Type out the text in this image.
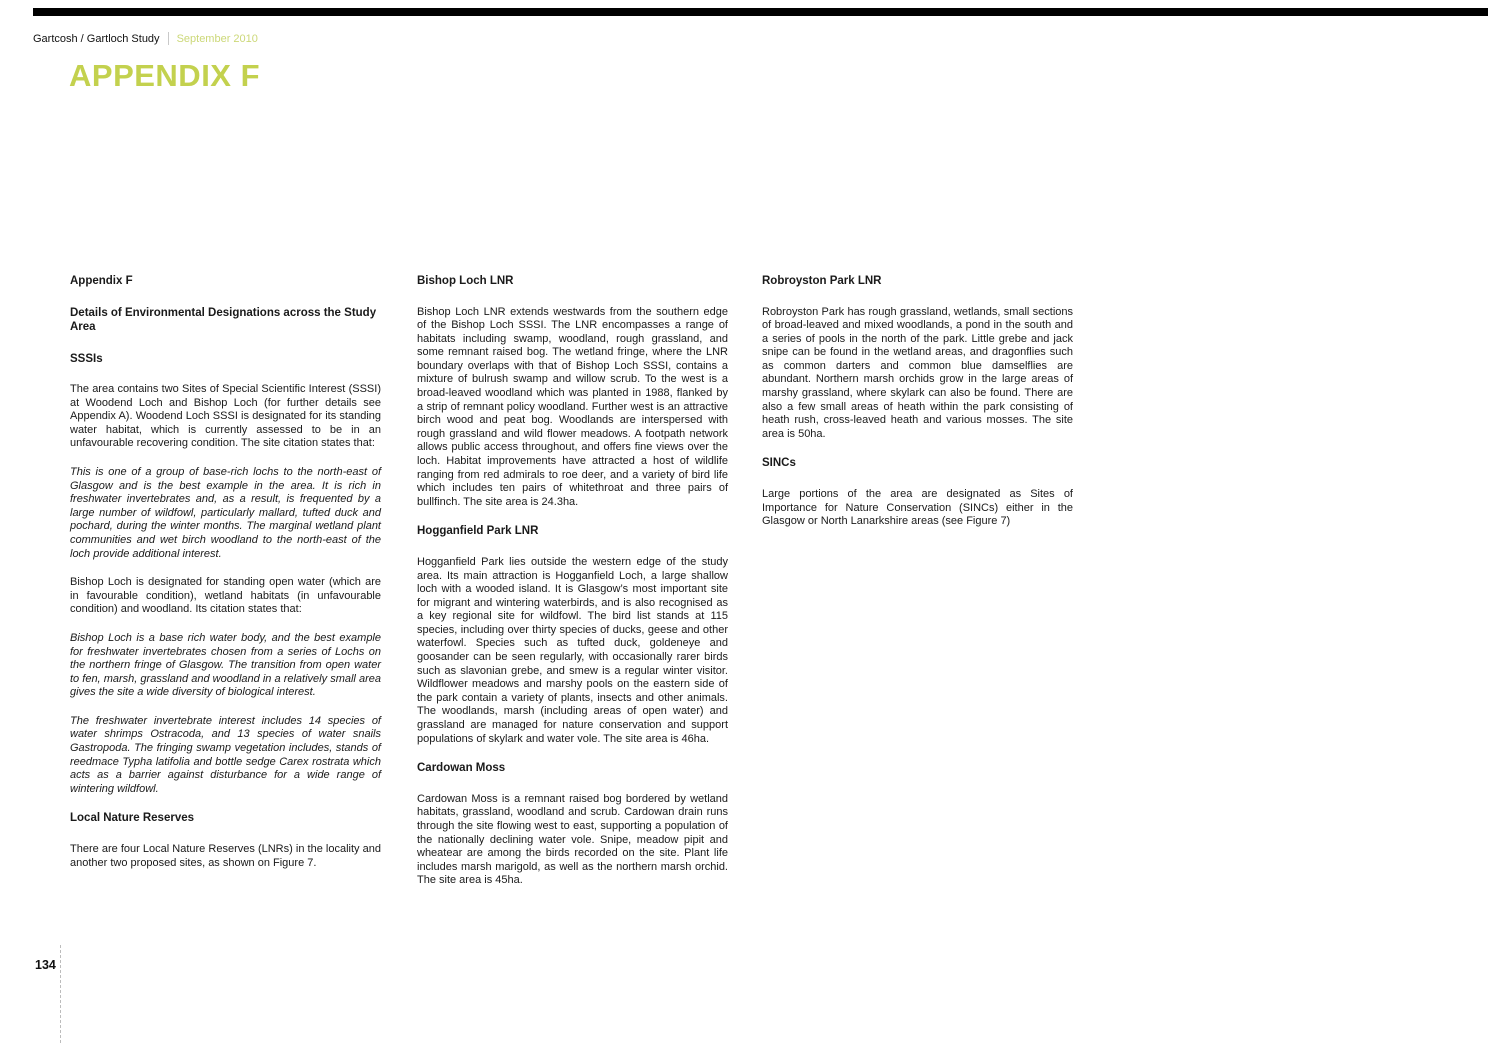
Gartcosh / Gartloch Study September 2010
APPENDIX F
Appendix F
Details of Environmental Designations across the Study Area
SSSIs
The area contains two Sites of Special Scientific Interest (SSSI) at Woodend Loch and Bishop Loch (for further details see Appendix A). Woodend Loch SSSI is designated for its standing water habitat, which is currently assessed to be in an unfavourable recovering condition. The site citation states that:
This is one of a group of base-rich lochs to the north-east of Glasgow and is the best example in the area. It is rich in freshwater invertebrates and, as a result, is frequented by a large number of wildfowl, particularly mallard, tufted duck and pochard, during the winter months. The marginal wetland plant communities and wet birch woodland to the north-east of the loch provide additional interest.
Bishop Loch is designated for standing open water (which are in favourable condition), wetland habitats (in unfavourable condition) and woodland. Its citation states that:
Bishop Loch is a base rich water body, and the best example for freshwater invertebrates chosen from a series of Lochs on the northern fringe of Glasgow. The transition from open water to fen, marsh, grassland and woodland in a relatively small area gives the site a wide diversity of biological interest.
The freshwater invertebrate interest includes 14 species of water shrimps Ostracoda, and 13 species of water snails Gastropoda. The fringing swamp vegetation includes, stands of reedmace Typha latifolia and bottle sedge Carex rostrata which acts as a barrier against disturbance for a wide range of wintering wildfowl.
Local Nature Reserves
There are four Local Nature Reserves (LNRs) in the locality and another two proposed sites, as shown on Figure 7.
Bishop Loch LNR
Bishop Loch LNR extends westwards from the southern edge of the Bishop Loch SSSI. The LNR encompasses a range of habitats including swamp, woodland, rough grassland, and some remnant raised bog. The wetland fringe, where the LNR boundary overlaps with that of Bishop Loch SSSI, contains a mixture of bulrush swamp and willow scrub. To the west is a broad-leaved woodland which was planted in 1988, flanked by a strip of remnant policy woodland. Further west is an attractive birch wood and peat bog. Woodlands are interspersed with rough grassland and wild flower meadows. A footpath network allows public access throughout, and offers fine views over the loch. Habitat improvements have attracted a host of wildlife ranging from red admirals to roe deer, and a variety of bird life which includes ten pairs of whitethroat and three pairs of bullfinch. The site area is 24.3ha.
Hogganfield Park LNR
Hogganfield Park lies outside the western edge of the study area. Its main attraction is Hogganfield Loch, a large shallow loch with a wooded island. It is Glasgow’s most important site for migrant and wintering waterbirds, and is also recognised as a key regional site for wildfowl. The bird list stands at 115 species, including over thirty species of ducks, geese and other waterfowl. Species such as tufted duck, goldeneye and goosander can be seen regularly, with occasionally rarer birds such as slavonian grebe, and smew is a regular winter visitor. Wildflower meadows and marshy pools on the eastern side of the park contain a variety of plants, insects and other animals. The woodlands, marsh (including areas of open water) and grassland are managed for nature conservation and support populations of skylark and water vole. The site area is 46ha.
Cardowan Moss
Cardowan Moss is a remnant raised bog bordered by wetland habitats, grassland, woodland and scrub. Cardowan drain runs through the site flowing west to east, supporting a population of the nationally declining water vole. Snipe, meadow pipit and wheatear are among the birds recorded on the site. Plant life includes marsh marigold, as well as the northern marsh orchid. The site area is 45ha.
Robroyston Park LNR
Robroyston Park has rough grassland, wetlands, small sections of broad-leaved and mixed woodlands, a pond in the south and a series of pools in the north of the park. Little grebe and jack snipe can be found in the wetland areas, and dragonflies such as common darters and common blue damselflies are abundant. Northern marsh orchids grow in the large areas of marshy grassland, where skylark can also be found. There are also a few small areas of heath within the park consisting of heath rush, cross-leaved heath and various mosses. The site area is 50ha.
SINCs
Large portions of the area are designated as Sites of Importance for Nature Conservation (SINCs) either in the Glasgow or North Lanarkshire areas (see Figure 7)
134
